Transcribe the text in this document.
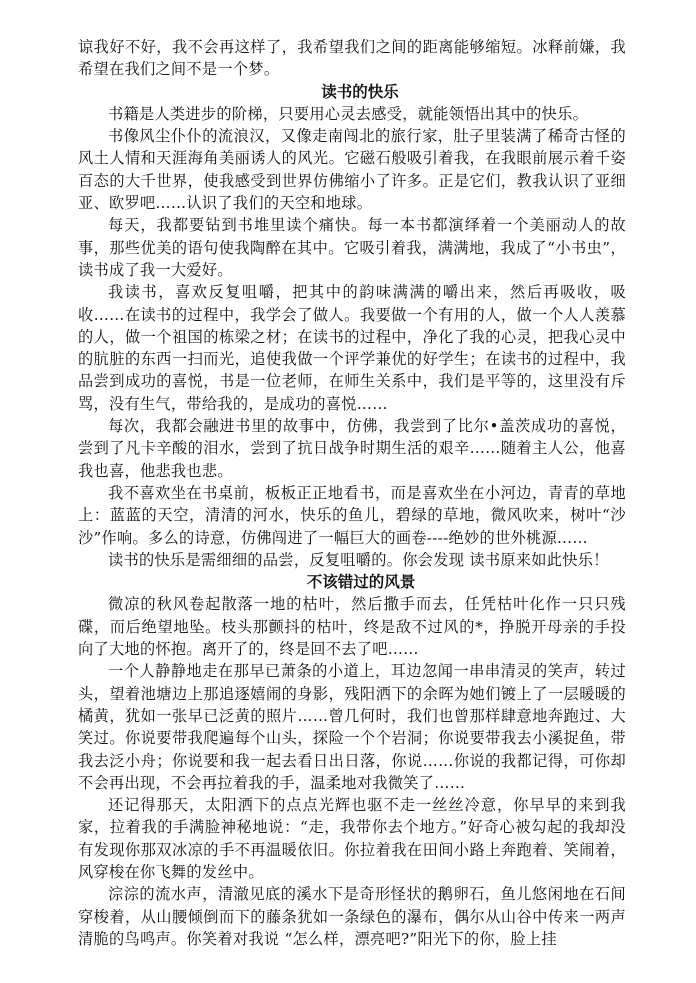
谅我好不好，我不会再这样了，我希望我们之间的距离能够缩短。冰释前嫌，我希望在我们之间不是一个梦。

读书的快乐

书籍是人类进步的阶梯，只要用心灵去感受，就能领悟出其中的快乐。

书像风尘仆仆的流浪汉，又像走南闯北的旅行家，肚子里装满了稀奇古怪的风土人情和天涯海角美丽诱人的风光。它磁石般吸引着我，在我眼前展示着千姿百态的大千世界，使我感受到世界仿佛缩小了许多。正是它们，教我认识了亚细亚、欧罗吧……认识了我们的天空和地球。

每天，我都要钻到书堆里读个痛快。每一本书都演绎着一个美丽动人的故事，那些优美的语句使我陶醉在其中。它吸引着我，满满地，我成了“小书虫”，读书成了我一大爱好。

我读书，喜欢反复咀嚼，把其中的韵味满满的嚼出来，然后再吸收，吸收……在读书的过程中，我学会了做人。我要做一个有用的人，做一个人人羡慕的人，做一个祖国的栋梁之材；在读书的过程中，净化了我的心灵，把我心灵中的肮脏的东西一扫而光，追使我做一个评学兼优的好学生；在读书的过程中，我品尝到成功的喜悦，书是一位老师，在师生关系中，我们是平等的，这里没有斥骂，没有生气，带给我的，是成功的喜悦……

每次，我都会融进书里的故事中，仿佛，我尝到了比尔•盖茨成功的喜悦，尝到了凡卡辛酸的泪水，尝到了抗日战争时期生活的艰辛……随着主人公，他喜我也喜，他悲我也悲。

我不喜欢坐在书桌前，板板正正地看书，而是喜欢坐在小河边，青青的草地上：蓝蓝的天空，清清的河水，快乐的鱼儿，碧绿的草地，微风吹来，树叶“沙沙”作响。多么的诗意，仿佛闯进了一幅巨大的画卷----绝妙的世外桃源……

读书的快乐是需细细的品尝，反复咀嚼的。你会发现 读书原来如此快乐！

不该错过的风景

微凉的秋风卷起散落一地的枯叶，然后撒手而去，任凭枯叶化作一只只残碟，而后绝望地坠。枝头那颤抖的枯叶，终是敌不过风的*，挣脱开母亲的手投向了大地的怀抱。离开了的，终是回不去了吧……

一个人静静地走在那早已萧条的小道上，耳边忽闻一串串清灵的笑声，转过头，望着池塘边上那追逐嬉闹的身影，残阳洒下的余晖为她们镀上了一层暖暖的橘黄，犹如一张早已泛黄的照片……曾几何时，我们也曾那样肆意地奔跑过、大笑过。你说要带我爬遍每个山头，探险一个个岩洞；你说要带我去小溪捉鱼，带我去泛小舟；你说要和我一起去看日出日落，你说……你说的我都记得，可你却不会再出现，不会再拉着我的手，温柔地对我微笑了……

还记得那天，太阳洒下的点点光辉也驱不走一丝丝冷意，你早早的来到我家，拉着我的手满脸神秘地说：“走，我带你去个地方。”好奇心被勾起的我却没有发现你那双冰凉的手不再温暖依旧。你拉着我在田间小路上奔跑着、笑闹着，风穿梭在你飞舞的发丝中。

淙淙的流水声，清澈见底的溪水下是奇形怪状的鹅卵石，鱼儿悠闲地在石间穿梭着，从山腰倾倒而下的藤条犹如一条绿色的瀑布，偶尔从山谷中传来一两声清脆的鸟鸣声。你笑着对我说 “怎么样，漂亮吧?”阳光下的你，脸上挂
